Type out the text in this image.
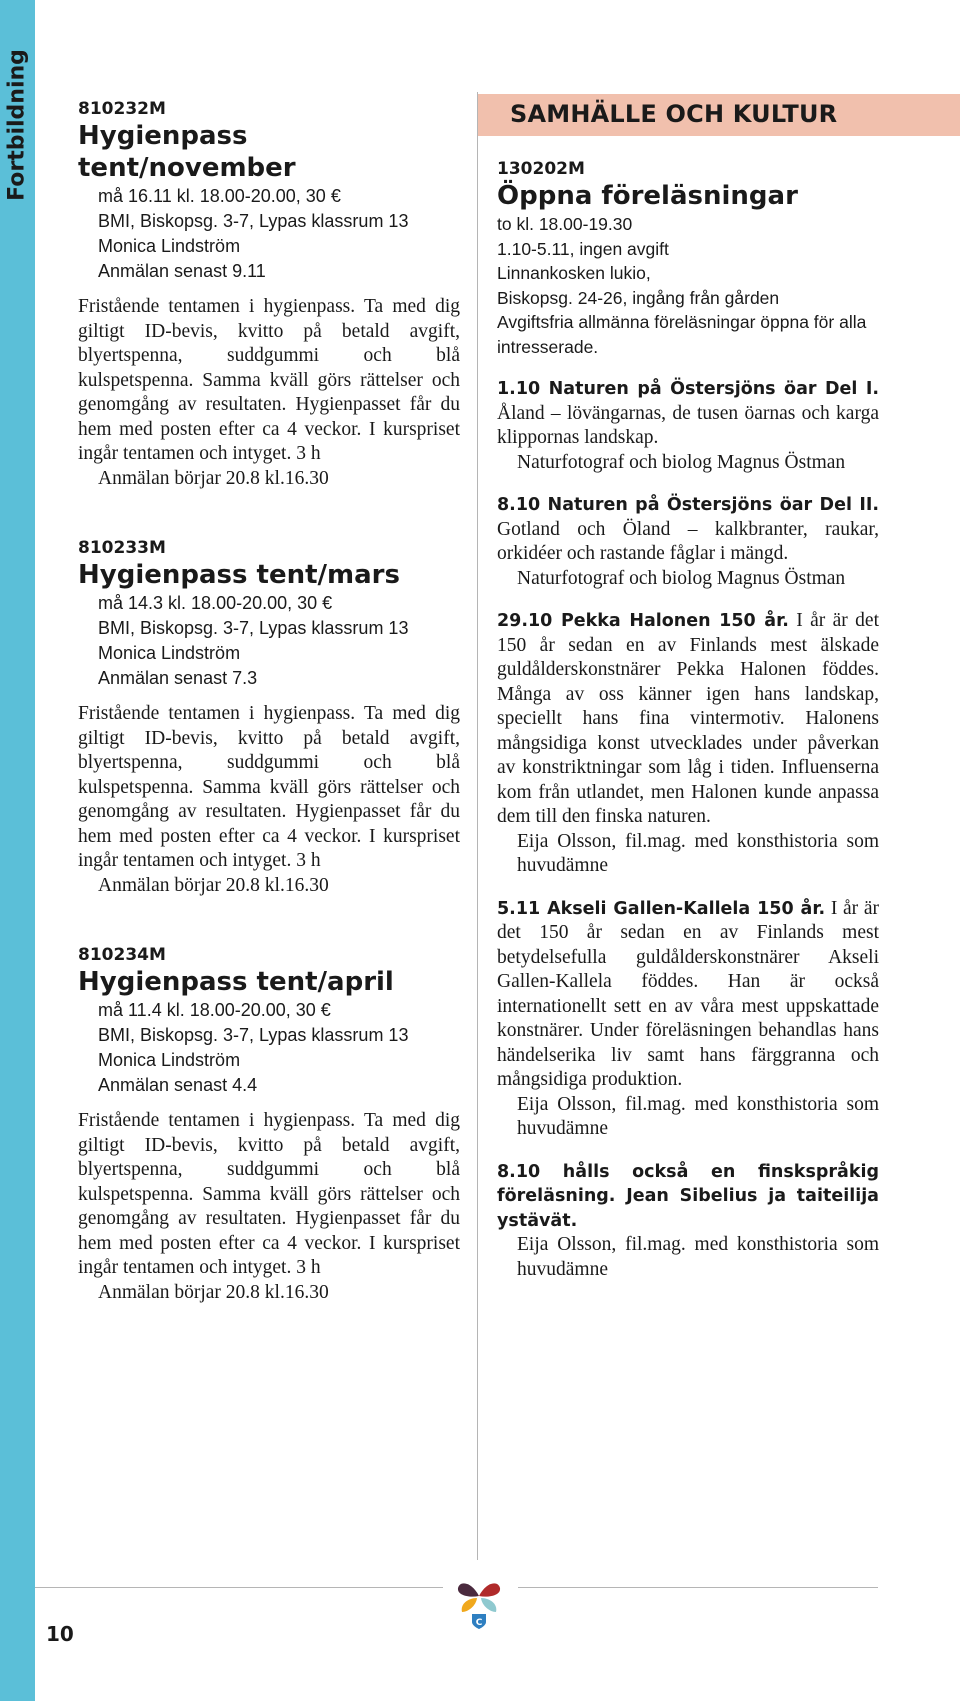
Fortbildning	810232M
Hygienpass tent/november
må 16.11 kl. 18.00-20.00, 30 €
BMI, Biskopsg. 3-7, Lypas klassrum 13
Monica Lindström
Anmälan senast 9.11
Fristående tentamen i hygienpass. Ta med dig giltigt ID-bevis, kvitto på betald avgift, blyertspenna, suddgummi och blå kulspetspenna. Samma kväll görs rättelser och genomgång av resultaten. Hygienpasset får du hem med posten efter ca 4 veckor. I kurspriset ingår tentamen och intyget. 3 h
Anmälan börjar 20.8 kl.16.30
810233M
Hygienpass tent/mars
må 14.3 kl. 18.00-20.00, 30 €
BMI, Biskopsg. 3-7, Lypas klassrum 13
Monica Lindström
Anmälan senast 7.3
Fristående tentamen i hygienpass. Ta med dig giltigt ID-bevis, kvitto på betald avgift, blyertspenna, suddgummi och blå kulspetspenna. Samma kväll görs rättelser och genomgång av resultaten. Hygienpasset får du hem med posten efter ca 4 veckor. I kurspriset ingår tentamen och intyget. 3 h
Anmälan börjar 20.8 kl.16.30
810234M
Hygienpass tent/april
må 11.4 kl. 18.00-20.00, 30 €
BMI, Biskopsg. 3-7, Lypas klassrum 13
Monica Lindström
Anmälan senast 4.4
Fristående tentamen i hygienpass. Ta med dig giltigt ID-bevis, kvitto på betald avgift, blyertspenna, suddgummi och blå kulspetspenna. Samma kväll görs rättelser och genomgång av resultaten. Hygienpasset får du hem med posten efter ca 4 veckor. I kurspriset ingår tentamen och intyget. 3 h
Anmälan börjar 20.8 kl.16.30
SAMHÄLLE OCH KULTUR
130202M
Öppna föreläsningar
to kl. 18.00-19.30
1.10-5.11, ingen avgift
Linnankosken lukio,
Biskopsg. 24-26, ingång från gården
Avgiftsfria allmänna föreläsningar öppna för alla intresserade.
1.10 Naturen på Östersjöns öar Del I. Åland – lövängarnas, de tusen öarnas och karga klippornas landskap.
Naturfotograf och biolog Magnus Östman
8.10 Naturen på Östersjöns öar Del II. Gotland och Öland – kalkbranter, raukar, orkidéer och rastande fåglar i mängd.
Naturfotograf och biolog Magnus Östman
29.10 Pekka Halonen 150 år. I år är det 150 år sedan en av Finlands mest älskade guldålderskonstnärer Pekka Halonen föddes. Många av oss känner igen hans landskap, speciellt hans fina vintermotiv. Halonens mångsidiga konst utvecklades under påverkan av konstriktningar som låg i tiden. Influenserna kom från utlandet, men Halonen kunde anpassa dem till den finska naturen.
Eija Olsson, fil.mag. med konsthistoria som huvudämne
5.11 Akseli Gallen-Kallela 150 år. I år är det 150 år sedan en av Finlands mest betydelsefulla guldålderskonstnärer Akseli Gallen-Kallela föddes. Han är också internationellt sett en av våra mest uppskattade konstnärer. Under föreläsningen behandlas hans händelserika liv samt hans färggranna och mångsidiga produktion.
Eija Olsson, fil.mag. med konsthistoria som huvudämne
8.10 hålls också en finskspråkig föreläsning. Jean Sibelius ja taiteilija ystävät.
Eija Olsson, fil.mag. med konsthistoria som huvudämne
C
10
